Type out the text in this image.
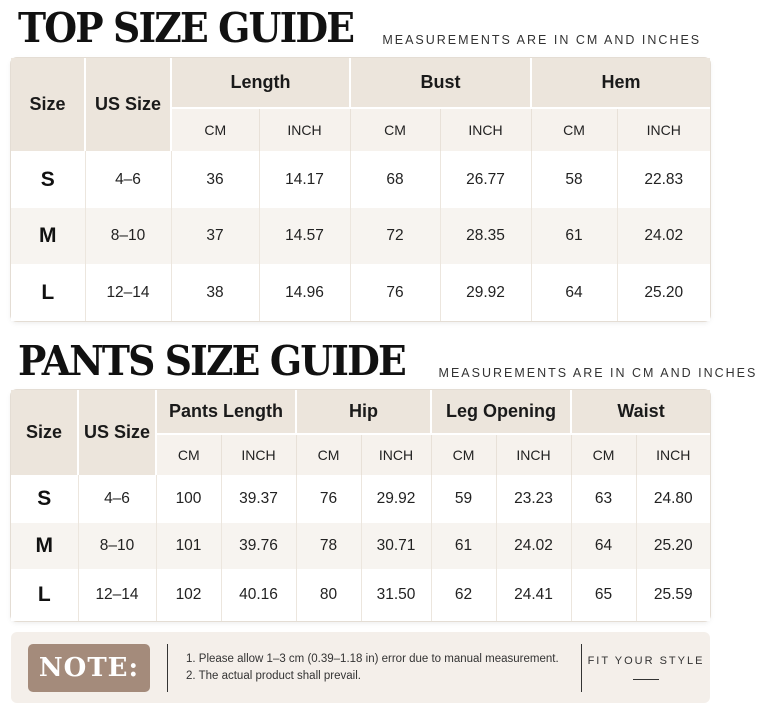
TOP SIZE GUIDE MEASUREMENTS ARE IN CM AND INCHES
Size	US Size	Length		Bust		Hem	
		CM	INCH	CM	INCH	CM	INCH
S	4–6	36	14.17	68	26.77	58	22.83
M	8–10	37	14.57	72	28.35	61	24.02
L	12–14	38	14.96	76	29.92	64	25.20
PANTS SIZE GUIDE	MEASUREMENTS ARE IN CM AND INCHES
Size	US Size	Pants Length		Hip		Leg Opening		Waist	
		CM	INCH	CM	INCH	CM	INCH	CM	INCH
S	4–6	100	39.37	76	29.92	59	23.23	63	24.80
M	8–10	101	39.76	78	30.71	61	24.02	64	25.20
L	12–14	102	40.16	80	31.50	62	24.41	65	25.59
NOTE:	1. Please allow 1–3 cm (0.39–1.18 in) error due to manual measurement.
2. The actual product shall prevail.
FIT YOUR STYLE
